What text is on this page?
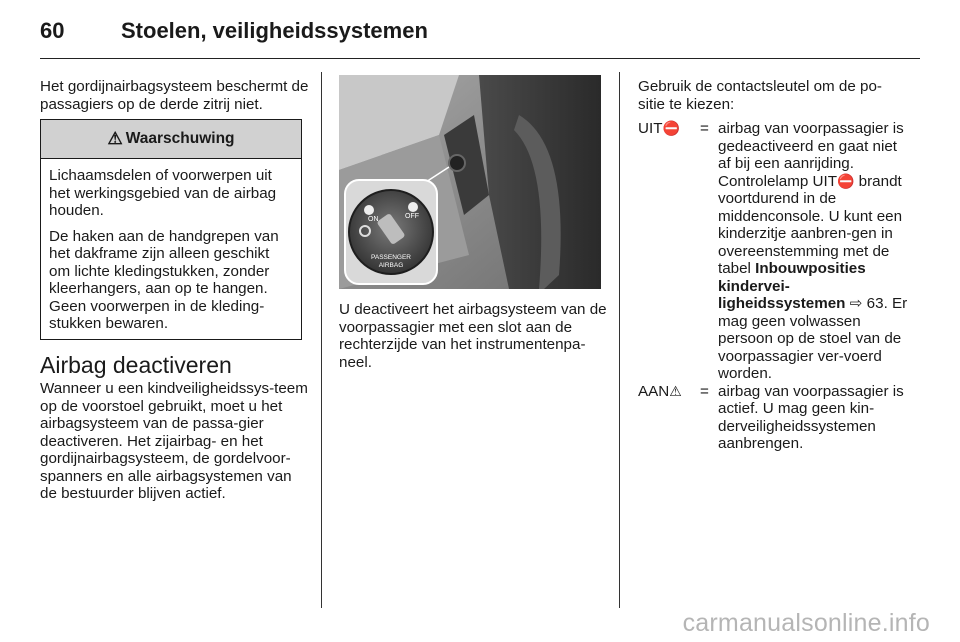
60	Stoelen, veiligheidssystemen
Het gordijnairbagsysteem beschermt de passagiers op de derde zitrij niet.
⚠ Waarschuwing

Lichaamsdelen of voorwerpen uit het werkingsgebied van de airbag houden.

De haken aan de handgrepen van het dakframe zijn alleen geschikt om lichte kledingstukken, zonder kleerhangers, aan op te hangen. Geen voorwerpen in de kleding-stukken bewaren.

Airbag deactiveren
Wanneer u een kindveiligheidssys-teem op de voorstoel gebruikt, moet u het airbagsysteem van de passa-gier deactiveren. Het zijairbag- en het gordijnairbagsysteem, de gordelvoor-spanners en alle airbagsystemen van de bestuurder blijven actief.
ON	OFF
PASSENGER
AIRBAG
U deactiveert het airbagsysteem van de voorpassagier met een slot aan de rechterzijde van het instrumentenpa-neel.
Gebruik de contactsleutel om de po-sitie te kiezen:
UIT⛔	= airbag van voorpassagier is gedeactiveerd en gaat niet af bij een aanrijding. Controlelamp UIT⛔ brandt voortdurend in de middenconsole. U kunt een kinderzitje aanbren-gen in overeenstemming met de tabel Inbouwposities kindervei-ligheidssystemen ⇨ 63. Er mag geen volwassen persoon op de stoel van de voorpassagier ver-voerd worden.
AAN⚠	= airbag van voorpassagier is actief. U mag geen kin-derveiligheidssystemen aanbrengen.
carmanualsonline.info
